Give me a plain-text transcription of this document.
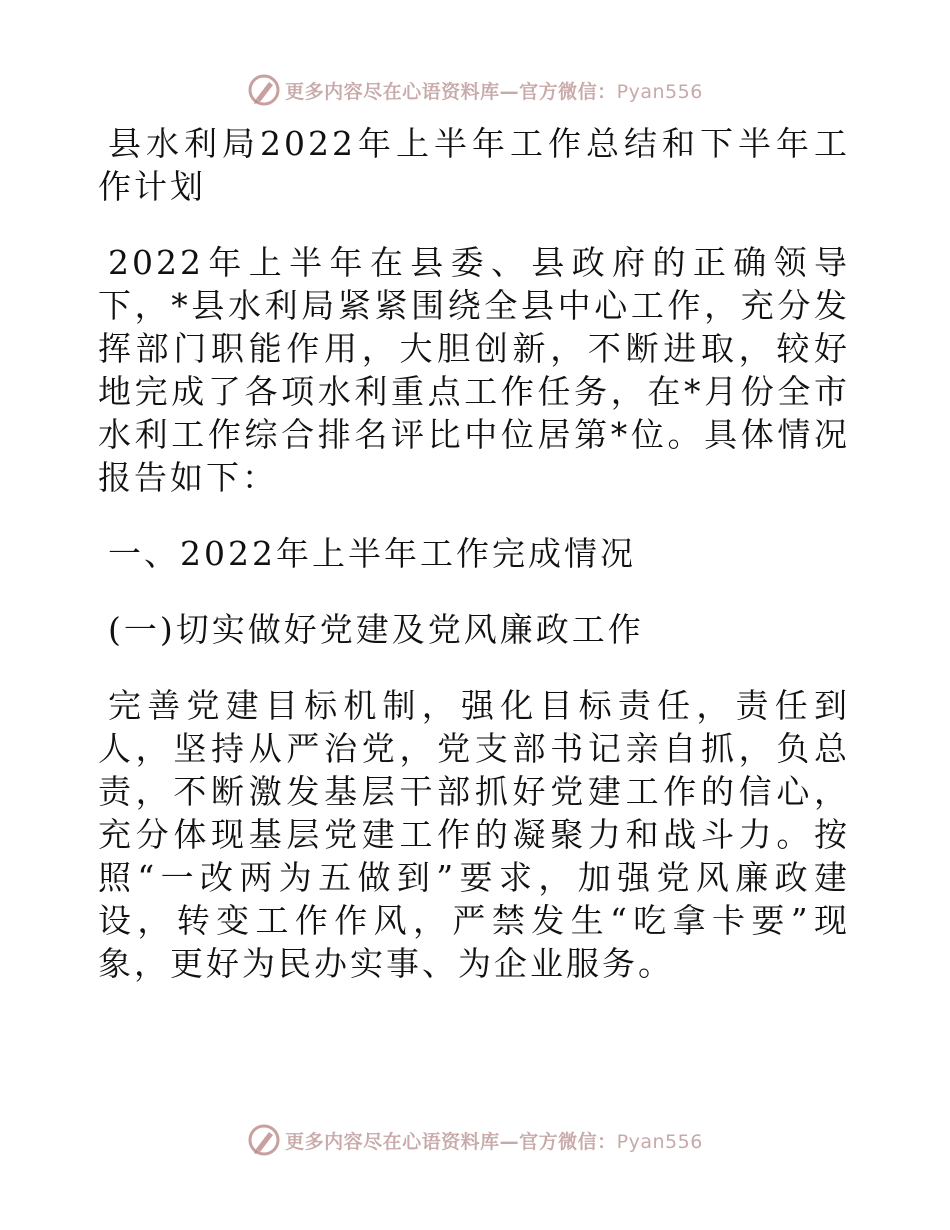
更多内容尽在心语资料库—官方微信：Pyan556

县水利局2022年上半年工作总结和下半年工作计划

2022年上半年在县委、县政府的正确领导下，*县水利局紧紧围绕全县中心工作，充分发挥部门职能作用，大胆创新，不断进取，较好地完成了各项水利重点工作任务，在*月份全市水利工作综合排名评比中位居第*位。具体情况报告如下：

一、2022年上半年工作完成情况

(一)切实做好党建及党风廉政工作

完善党建目标机制，强化目标责任，责任到人，坚持从严治党，党支部书记亲自抓，负总责，不断激发基层干部抓好党建工作的信心，充分体现基层党建工作的凝聚力和战斗力。按照“一改两为五做到”要求，加强党风廉政建设，转变工作作风，严禁发生“吃拿卡要”现象，更好为民办实事、为企业服务。

更多内容尽在心语资料库—官方微信：Pyan556
